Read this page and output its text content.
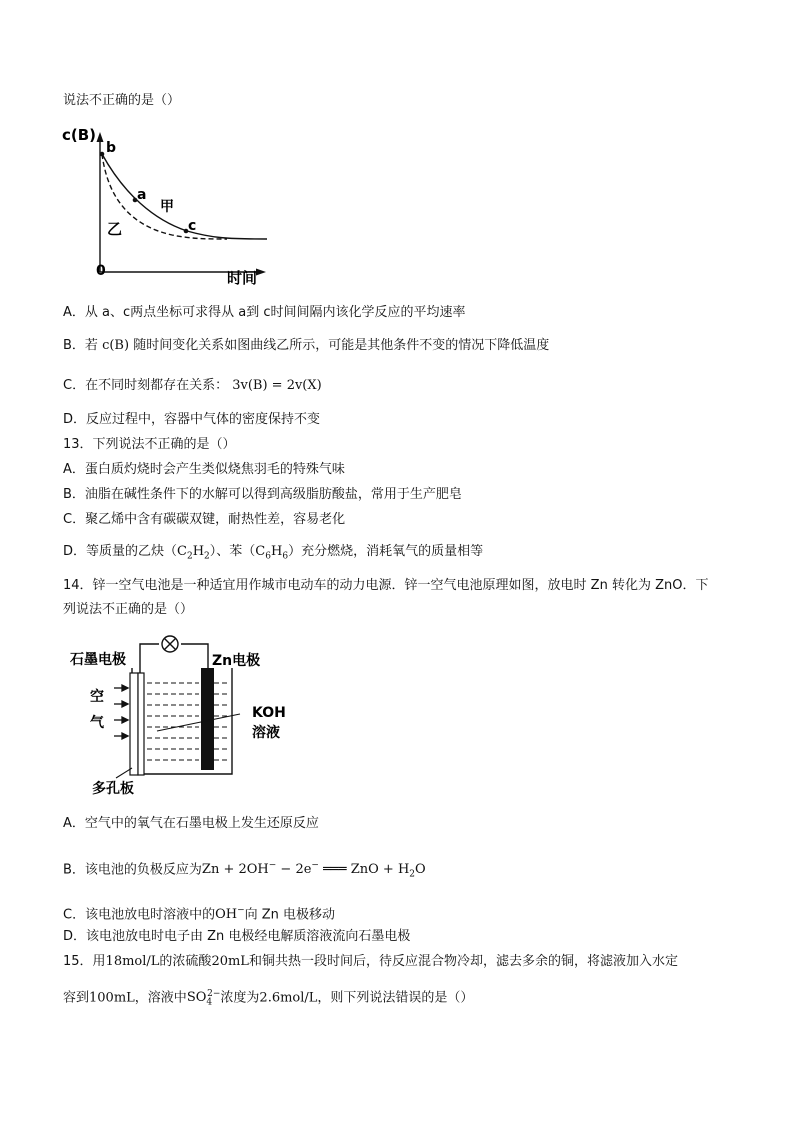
说法不正确的是（）
c(B)
b
a
c
甲
乙
0	时间
A．从 a、c两点坐标可求得从 a到 c时间间隔内该化学反应的平均速率
B．若 c(B) 随时间变化关系如图曲线乙所示，可能是其他条件不变的情况下降低温度
C．在不同时刻都存在关系： 3v(B) = 2v(X)
D．反应过程中，容器中气体的密度保持不变
13．下列说法不正确的是（）
A．蛋白质灼烧时会产生类似烧焦羽毛的特殊气味
B．油脂在碱性条件下的水解可以得到高级脂肪酸盐，常用于生产肥皂
C．聚乙烯中含有碳碳双键，耐热性差，容易老化
D．等质量的乙炔$(C_2H_2)$、苯$(C_6H_6)$充分燃烧，消耗氧气的质量相等
14．锌一空气电池是一种适宜用作城市电动车的动力电源．锌一空气电池原理如图，放电时 Zn 转化为 ZnO．下
列说法不正确的是（）
石墨电极	Zn电极
空
气
KOH
溶液
多孔板
A．空气中的氧气在石墨电极上发生还原反应
B．该电池的负极反应为Zn + 2OH− − 2e− ═══ ZnO + $H_2O$
C．该电池放电时溶液中的OH−向 Zn 电极移动
D．该电池放电时电子由 Zn 电极经电解质溶液流向石墨电极
15．用18mol/L的浓硫酸20mL和铜共热一段时间后，待反应混合物冷却，滤去多余的铜，将滤液加入水定
容到100mL，溶液中$SO_4^{2-}$浓度为2.6mol/L，则下列说法错误的是（）
